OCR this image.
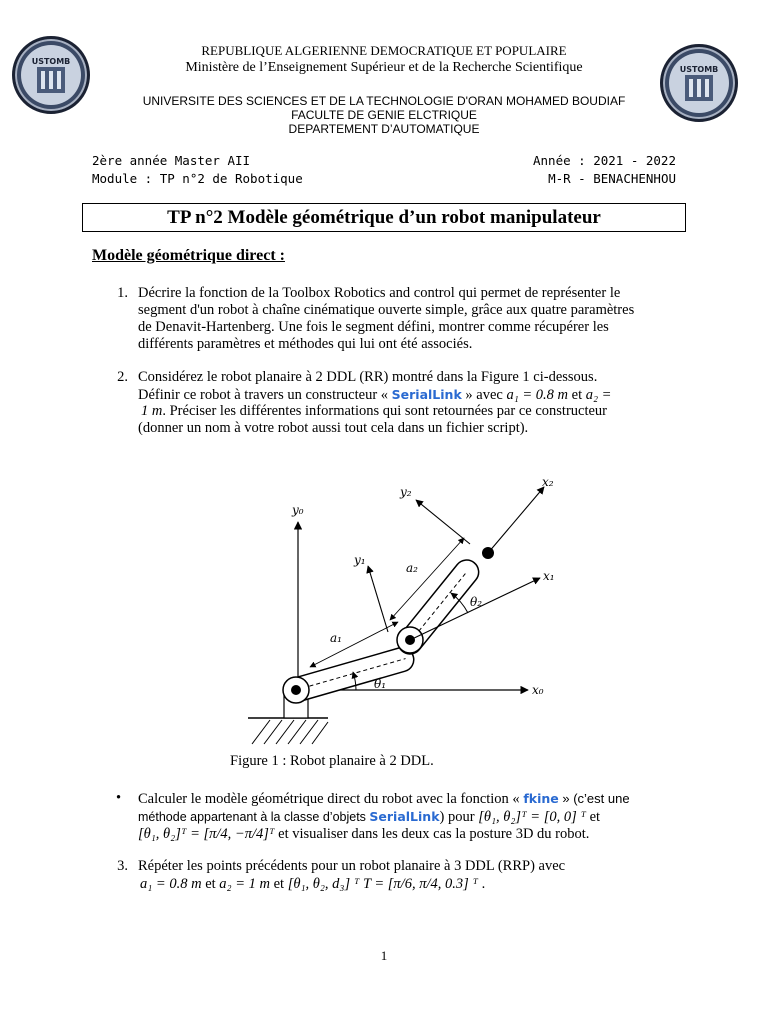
USTOMB
USTOMB
REPUBLIQUE ALGERIENNE DEMOCRATIQUE ET POPULAIRE
Ministère de l’Enseignement Supérieur et de la Recherche Scientifique
UNIVERSITE DES SCIENCES ET DE LA TECHNOLOGIE D'ORAN MOHAMED BOUDIAF
FACULTE DE GENIE ELCTRIQUE
DEPARTEMENT D’AUTOMATIQUE
2ère année Master AII
Module : TP n°2 de Robotique
Année : 2021 - 2022
M-R - BENACHENHOU
TP n°2 Modèle géométrique d’un robot manipulateur
Modèle géométrique direct :
1. Décrire la fonction de la Toolbox Robotics and control qui permet de représenter le
segment d'un robot à chaîne cinématique ouverte simple, grâce aux quatre paramètres
de Denavit-Hartenberg. Une fois le segment défini, montrer comme récupérer les
différents paramètres et méthodes qui lui ont été associés.
2. Considérez le robot planaire à 2 DDL (RR) montré dans la Figure 1 ci-dessous.
Définir ce robot à travers un constructeur « SerialLink » avec a₁ = 0.8 m et a₂ =
1 m. Préciser les différentes informations qui sont retournées par ce constructeur
(donner un nom à votre robot aussi tout cela dans un fichier script).
y₀
x₀
y₁
x₁
y₂
x₂
a₁
a₂
θ₁
θ₂
Figure 1 : Robot planaire à 2 DDL.
• Calculer le modèle géométrique direct du robot avec la fonction « fkine » (c’est une
méthode appartenant à la classe d’objets SerialLink) pour [θ₁, θ₂]ᵀ = [0, 0] ᵀ et
[θ₁, θ₂]ᵀ = [π/4, −π/4]ᵀ et visualiser dans les deux cas la posture 3D du robot.
3. Répéter les points précédents pour un robot planaire à 3 DDL (RRP) avec
a₁ = 0.8 m et a₂ = 1 m et [θ₁, θ₂, d₃] ᵀ T = [π/6, π/4, 0.3] ᵀ .
1
